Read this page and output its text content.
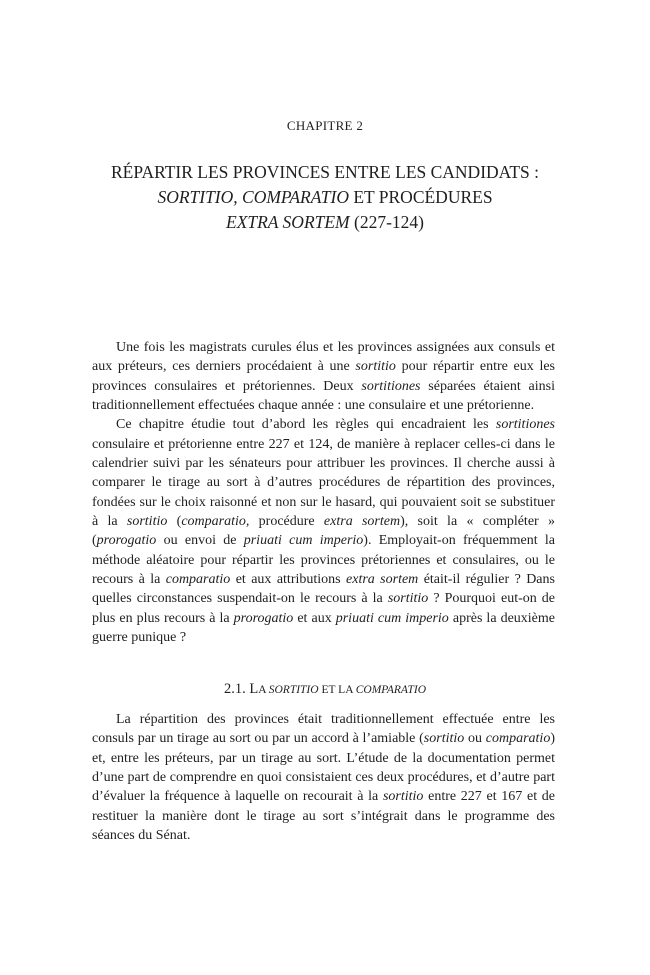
CHAPITRE 2
RÉPARTIR LES PROVINCES ENTRE LES CANDIDATS :
SORTITIO, COMPARATIO ET PROCÉDURES
EXTRA SORTEM (227-124)

Une fois les magistrats curules élus et les provinces assignées aux consuls et aux préteurs, ces derniers procédaient à une sortitio pour répartir entre eux les provinces consulaires et prétoriennes. Deux sortitiones séparées étaient ainsi traditionnellement effectuées chaque année : une consulaire et une prétorienne.

Ce chapitre étudie tout d’abord les règles qui encadraient les sortitiones consulaire et prétorienne entre 227 et 124, de manière à replacer celles-ci dans le calendrier suivi par les sénateurs pour attribuer les provinces. Il cherche aussi à comparer le tirage au sort à d’autres procédures de répartition des provinces, fondées sur le choix raisonné et non sur le hasard, qui pouvaient soit se substituer à la sortitio (comparatio, procédure extra sortem), soit la « compléter » (prorogatio ou envoi de priuati cum imperio). Employait-on fréquemment la méthode aléatoire pour répartir les provinces prétoriennes et consulaires, ou le recours à la comparatio et aux attributions extra sortem était-il régulier ? Dans quelles circonstances suspendait-on le recours à la sortitio ? Pourquoi eut-on de plus en plus recours à la prorogatio et aux priuati cum imperio après la deuxième guerre punique ?

2.1. LA SORTITIO ET LA COMPARATIO

La répartition des provinces était traditionnellement effectuée entre les consuls par un tirage au sort ou par un accord à l’amiable (sortitio ou comparatio) et, entre les préteurs, par un tirage au sort. L’étude de la documentation permet d’une part de comprendre en quoi consistaient ces deux procédures, et d’autre part d’évaluer la fréquence à laquelle on recourait à la sortitio entre 227 et 167 et de restituer la manière dont le tirage au sort s’intégrait dans le programme des séances du Sénat.
